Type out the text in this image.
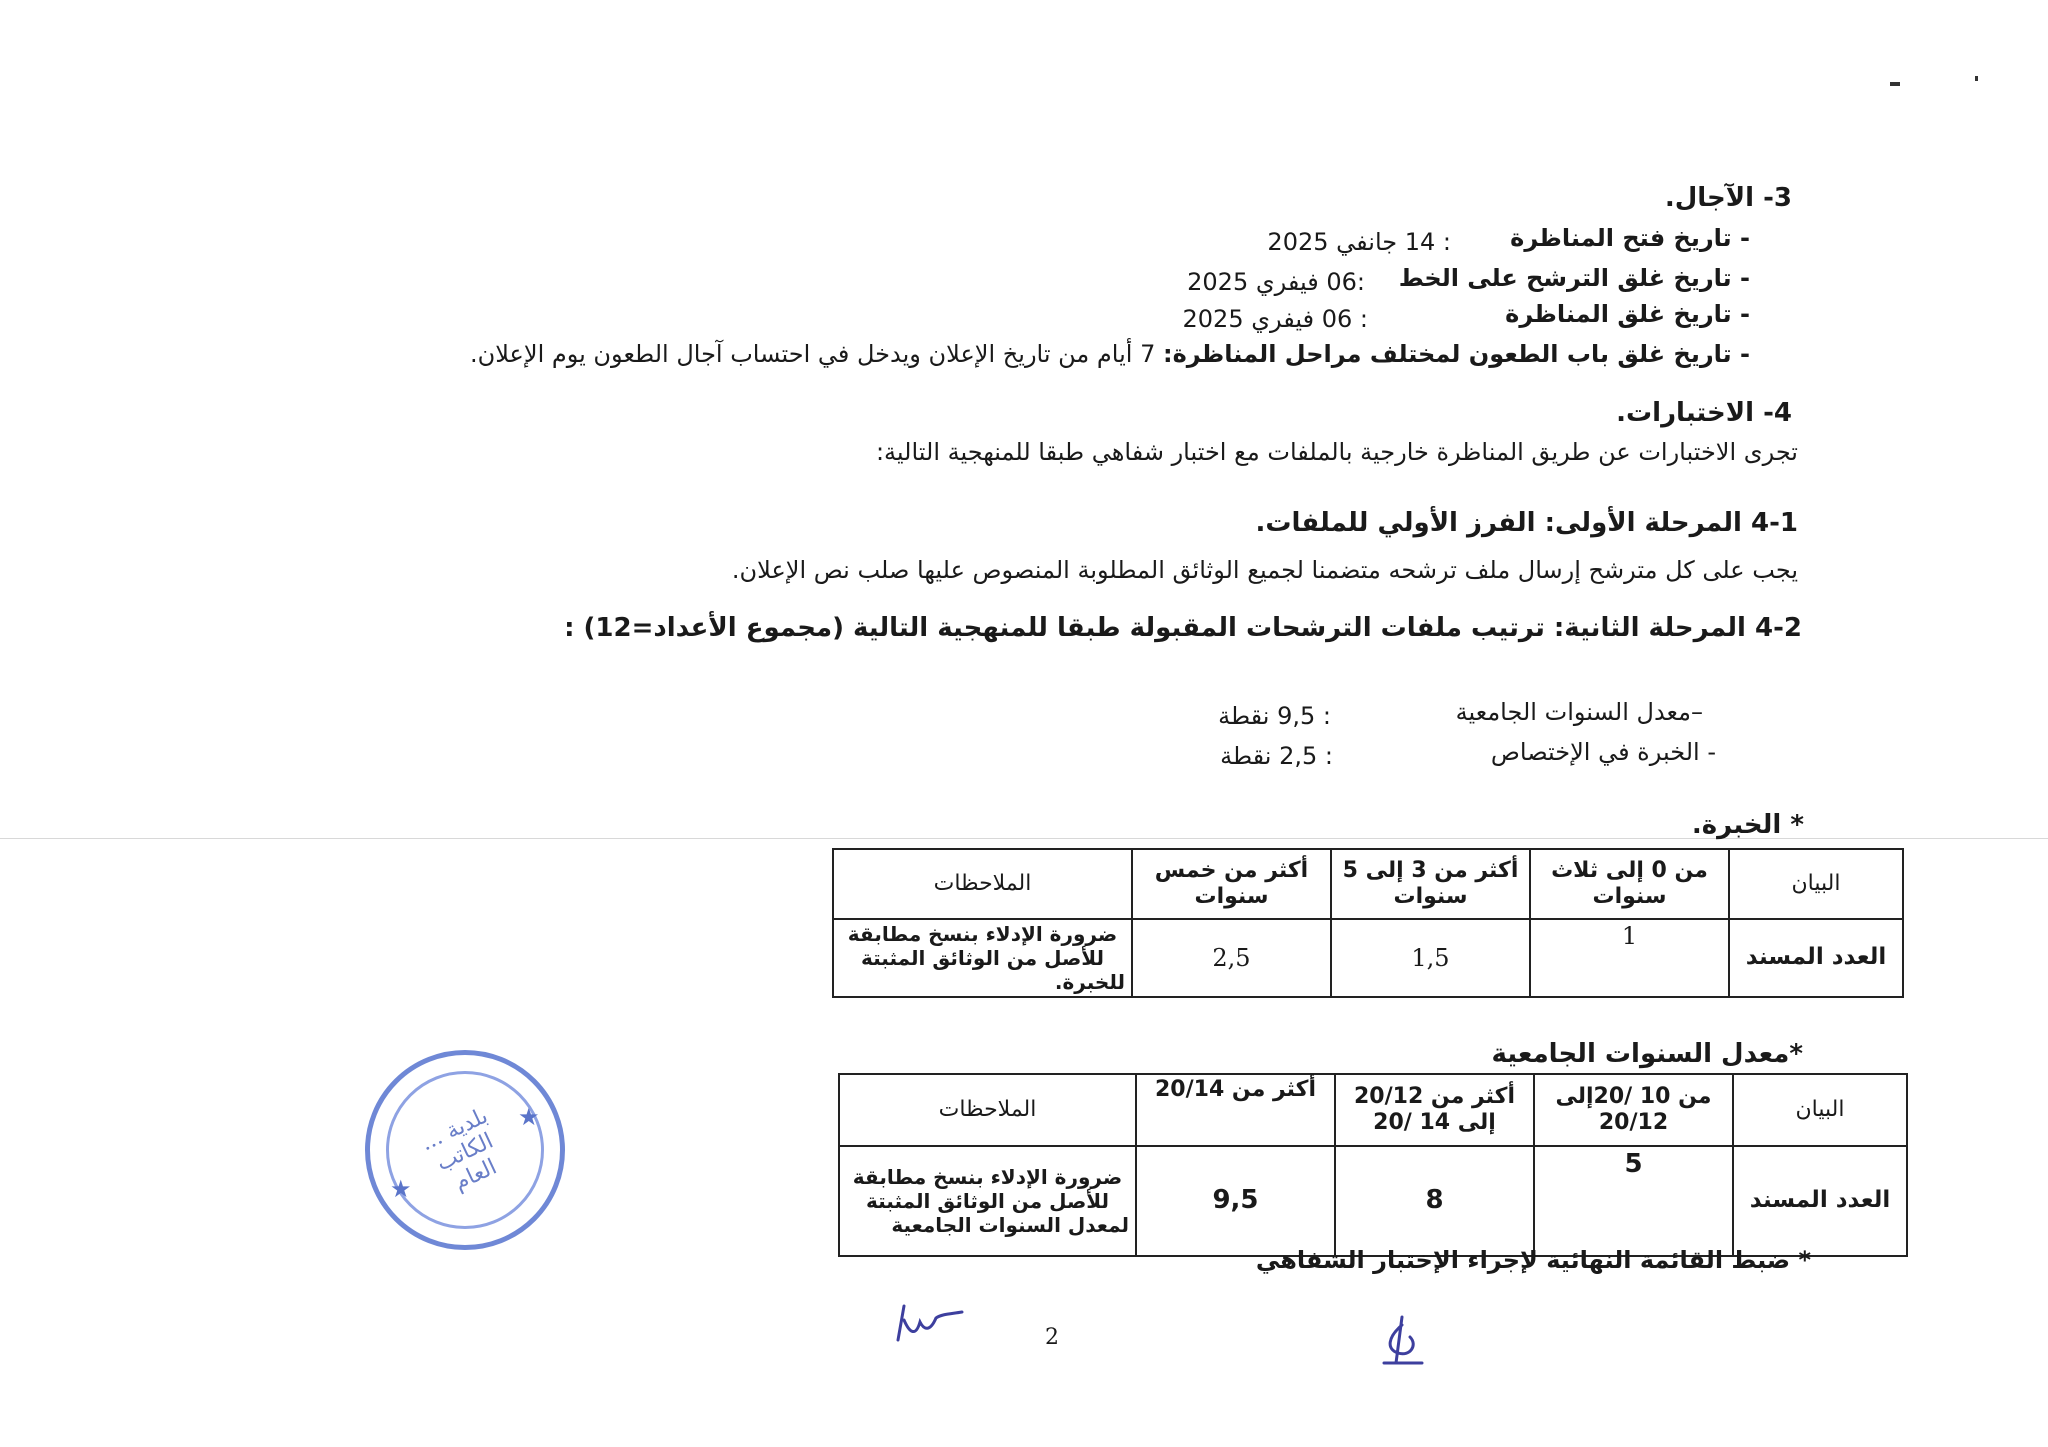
3- الآجال.
- تاريخ فتح المناظرة
: 14 جانفي 2025
- تاريخ غلق الترشح على الخط
:06 فيفري 2025
- تاريخ غلق المناظرة
: 06 فيفري 2025
- تاريخ غلق باب الطعون لمختلف مراحل المناظرة: 7 أيام من تاريخ الإعلان ويدخل في احتساب آجال الطعون يوم الإعلان.
4- الاختبارات.
تجرى الاختبارات عن طريق المناظرة خارجية بالملفات مع اختبار شفاهي طبقا للمنهجية التالية:
4-1 المرحلة الأولى: الفرز الأولي للملفات.
يجب على كل مترشح إرسال ملف ترشحه متضمنا لجميع الوثائق المطلوبة المنصوص عليها صلب نص الإعلان.
4-2 المرحلة الثانية: ترتيب ملفات الترشحات المقبولة طبقا للمنهجية التالية (مجموع الأعداد=12) :
–معدل السنوات الجامعية
: 9,5 نقطة
- الخبرة في الإختصاص
: 2,5 نقطة
* الخبرة.
البيان	من 0 إلى ثلاث سنوات	أكثر من 3 إلى 5 سنوات	أكثر من خمس سنوات	الملاحظات
العدد المسند	1	1,5	2,5	ضرورة الإدلاء بنسخ مطابقة للأصل من الوثائق المثبتة للخبرة.
*معدل السنوات الجامعية
البيان	من 10 /20إلى 20/12	أكثر من 20/12 إلى 14 /20	أكثر من 20/14	الملاحظات
العدد المسند	5	8	9,5	ضرورة الإدلاء بنسخ مطابقة للأصل من الوثائق المثبتة لمعدل السنوات الجامعية
* ضبط القائمة النهائية لإجراء الإختبار الشفاهي
★
★
بلدية ... الكاتب العام
2
